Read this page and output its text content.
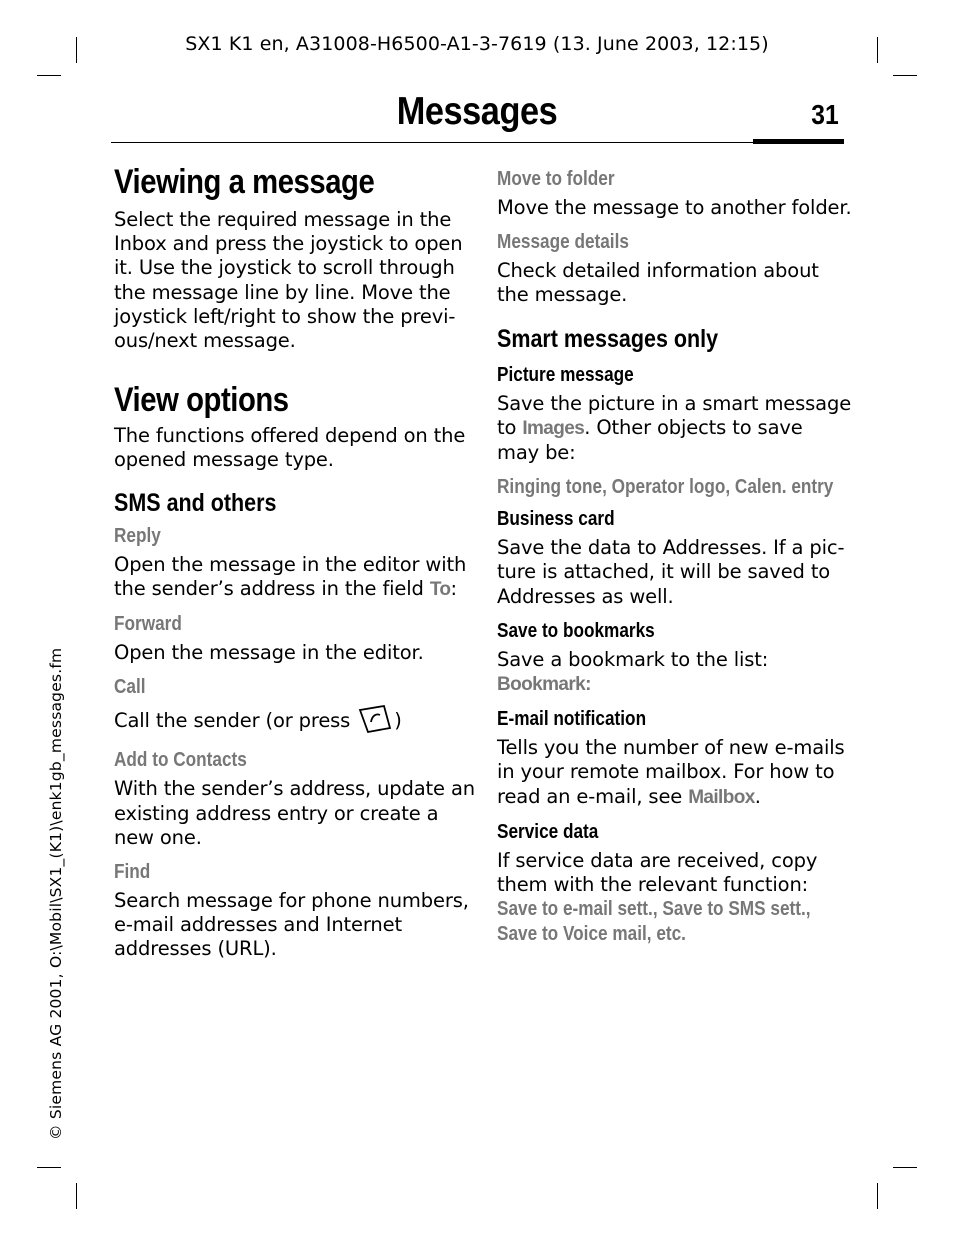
SX1 K1 en, A31008-H6500-A1-3-7619 (13. June 2003, 12:15)
Messages	31
© Siemens AG 2001, O:\Mobil\SX1_(K1)\enk1gb_messages.fm
Viewing a message
Select the required message in the
Inbox and press the joystick to open
it. Use the joystick to scroll through
the message line by line. Move the
joystick left/right to show the previ-
ous/next message.
View options
The functions offered depend on the
opened message type.
SMS and others
Reply
Open the message in the editor with
the sender’s address in the field To:
Forward
Open the message in the editor.
Call
Call the sender (or press )
Add to Contacts
With the sender’s address, update an
existing address entry or create a
new one.
Find
Search message for phone numbers,
e-mail addresses and Internet
addresses (URL).
Move to folder
Move the message to another folder.
Message details
Check detailed information about
the message.
Smart messages only
Picture message
Save the picture in a smart message
to Images. Other objects to save
may be:
Ringing tone, Operator logo, Calen. entry
Business card
Save the data to Addresses. If a pic-
ture is attached, it will be saved to
Addresses as well.
Save to bookmarks
Save a bookmark to the list:
Bookmark:
E-mail notification
Tells you the number of new e-mails
in your remote mailbox. For how to
read an e-mail, see Mailbox.
Service data
If service data are received, copy
them with the relevant function:
Save to e-mail sett., Save to SMS sett.,
Save to Voice mail, etc.
